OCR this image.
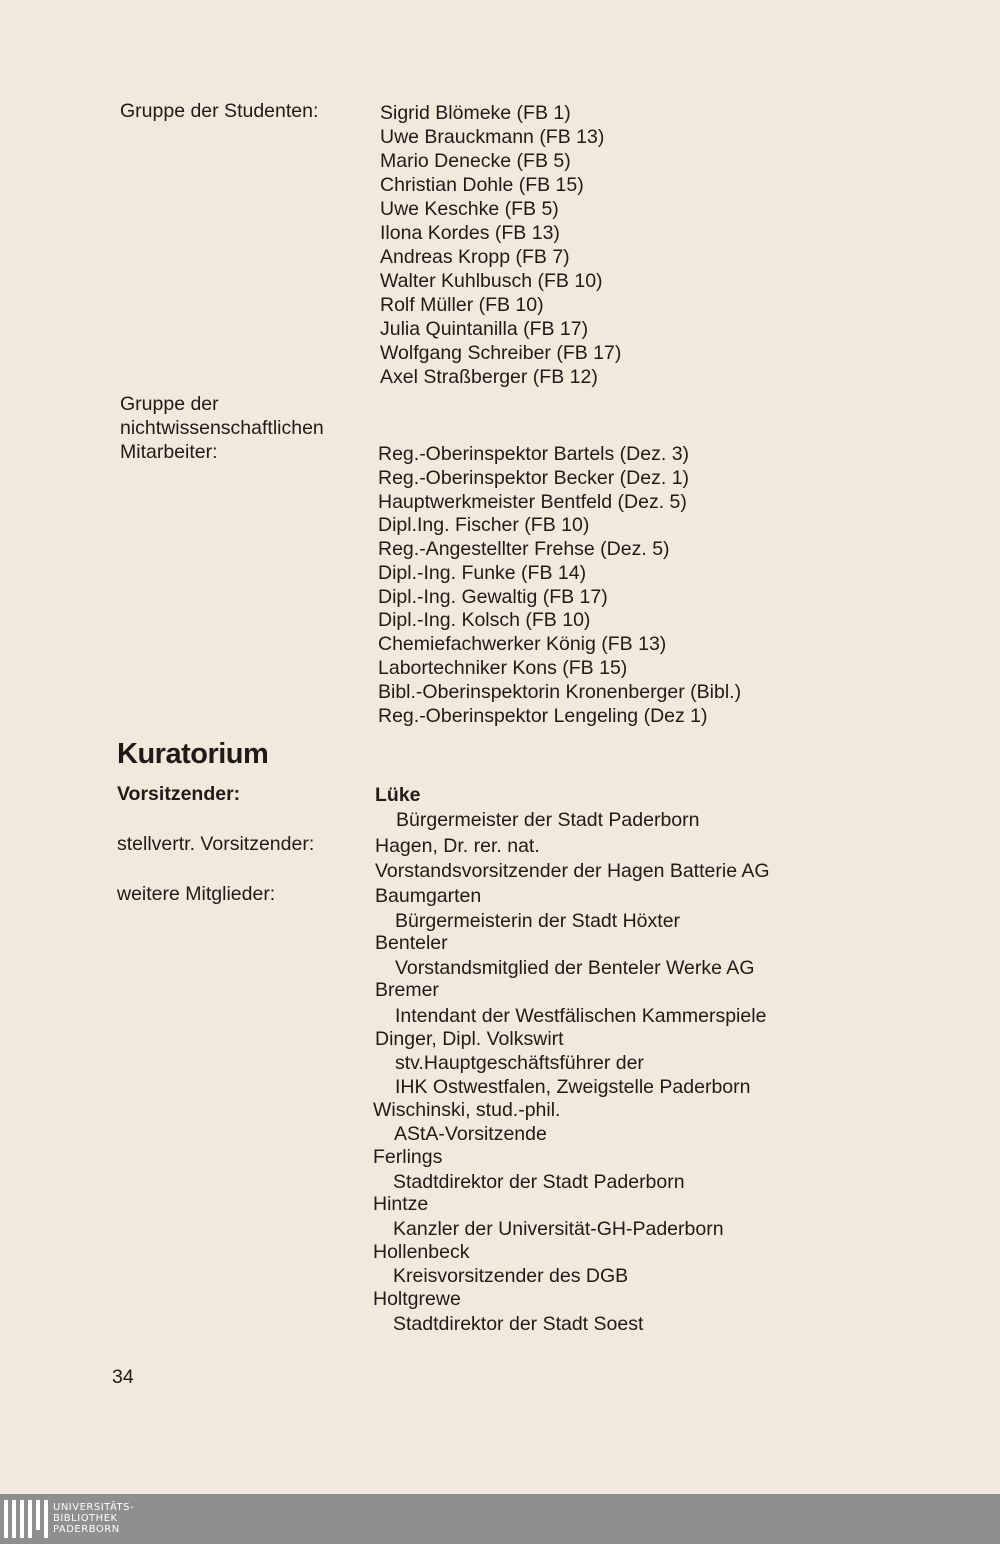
Gruppe der Studenten:	Sigrid Blömeke (FB 1)
Uwe Brauckmann (FB 13)
Mario Denecke (FB 5)
Christian Dohle (FB 15)
Uwe Keschke (FB 5)
Ilona Kordes (FB 13)
Andreas Kropp (FB 7)
Walter Kuhlbusch (FB 10)
Rolf Müller (FB 10)
Julia Quintanilla (FB 17)
Wolfgang Schreiber (FB 17)
Axel Straßberger (FB 12)
Gruppe der
nichtwissenschaftlichen
Mitarbeiter:	Reg.-Oberinspektor Bartels (Dez. 3)
Reg.-Oberinspektor Becker (Dez. 1)
Hauptwerkmeister Bentfeld (Dez. 5)
Dipl.Ing. Fischer (FB 10)
Reg.-Angestellter Frehse (Dez. 5)
Dipl.-Ing. Funke (FB 14)
Dipl.-Ing. Gewaltig (FB 17)
Dipl.-Ing. Kolsch (FB 10)
Chemiefachwerker König (FB 13)
Labortechniker Kons (FB 15)
Bibl.-Oberinspektorin Kronenberger (Bibl.)
Reg.-Oberinspektor Lengeling (Dez 1)
Kuratorium
Vorsitzender:
stellvertr. Vorsitzender:
weitere Mitglieder:
Lüke
Bürgermeister der Stadt Paderborn
Hagen, Dr. rer. nat.
Vorstandsvorsitzender der Hagen Batterie AG
Baumgarten
Bürgermeisterin der Stadt Höxter
Benteler
Vorstandsmitglied der Benteler Werke AG
Bremer
Intendant der Westfälischen Kammerspiele
Dinger, Dipl. Volkswirt
stv.Hauptgeschäftsführer der
IHK Ostwestfalen, Zweigstelle Paderborn
Wischinski, stud.-phil.
AStA-Vorsitzende
Ferlings
Stadtdirektor der Stadt Paderborn
Hintze
Kanzler der Universität-GH-Paderborn
Hollenbeck
Kreisvorsitzender des DGB
Holtgrewe
Stadtdirektor der Stadt Soest
34
UNIVERSITÄTS-
BIBLIOTHEK
PADERBORN
